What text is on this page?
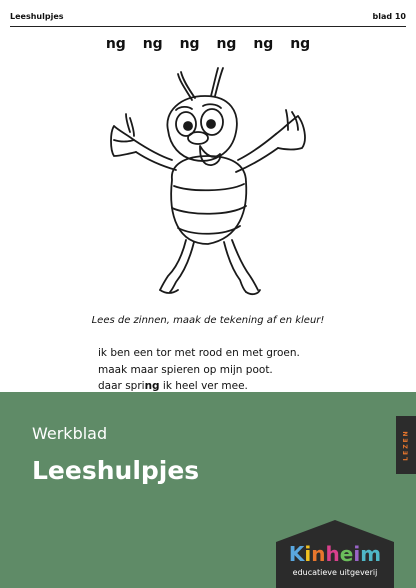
Leeshulpjes	blad 10
ng ng ng ng ng ng
Lees de zinnen, maak de tekening af en kleur!
ik ben een tor met rood en met groen.
maak maar spieren op mijn poot.
daar spring ik heel ver mee.
Werkblad
Leeshulpjes
LEZEN
Kinheim
educatieve uitgeverij
